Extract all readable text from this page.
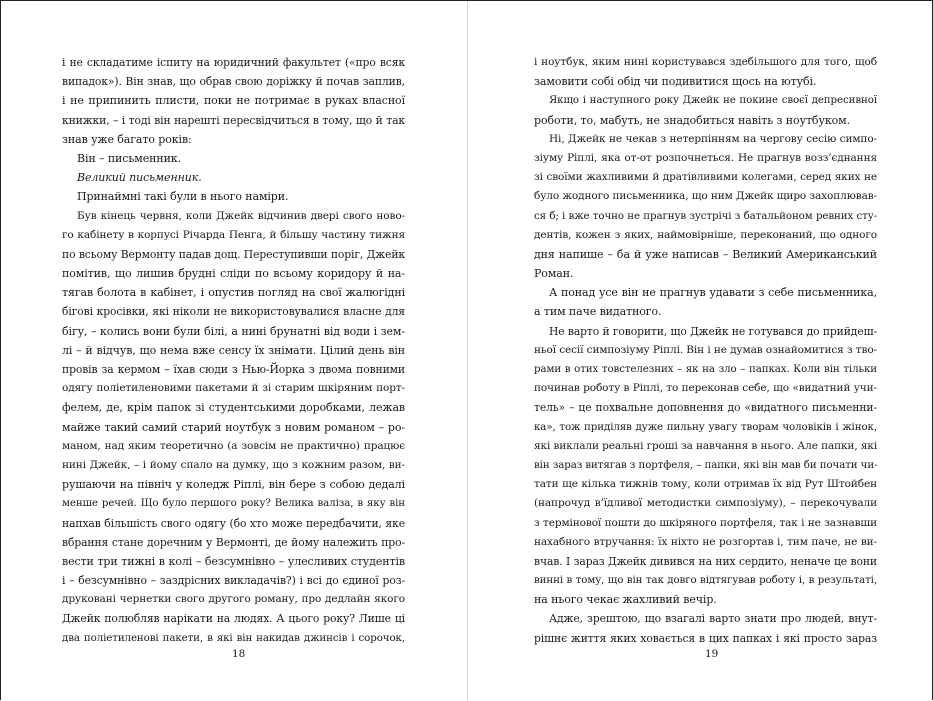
і не складатиме іспиту на юридичний факультет («про всяк
випадок»). Він знав, що обрав свою доріжку й почав заплив,
і не припинить плисти, поки не потримає в руках власної
книжки, – і тоді він нарешті пересвідчиться в тому, що й так
знав уже багато років:
Він – письменник.
Великий письменник.
Принаймні такі були в нього наміри.
Був кінець червня, коли Джейк відчинив двері свого ново-
го кабінету в корпусі Річарда Пенга, й більшу частину тижня
по всьому Вермонту падав дощ. Переступивши поріг, Джейк
помітив, що лишив брудні сліди по всьому коридору й на-
тягав болота в кабінет, і опустив погляд на свої жалюгідні
бігові кросівки, які ніколи не використовувалися власне для
бігу, – колись вони були білі, а нині брунатні від води і зем-
лі – й відчув, що нема вже сенсу їх знімати. Цілий день він
провів за кермом – їхав сюди з Нью-Йорка з двома повними
одягу поліетиленовими пакетами й зі старим шкіряним порт-
фелем, де, крім папок зі студентськими доробками, лежав
майже такий самий старий ноутбук з новим романом – ро-
маном, над яким теоретично (а зовсім не практично) працює
нині Джейк, – і йому спало на думку, що з кожним разом, ви-
рушаючи на північ у коледж Ріплі, він бере з собою дедалі
менше речей. Що було першого року? Велика валіза, в яку він
напхав більшість свого одягу (бо хто може передбачити, яке
вбрання стане доречним у Вермонті, де йому належить про-
вести три тижні в колі – безсумнівно – улесливих студентів
і – безсумнівно – заздрісних викладачів?) і всі до єдиної роз-
друковані чернетки свого другого роману, про дедлайн якого
Джейк полюбляв нарікати на людях. А цього року? Лише ці
два поліетиленові пакети, в які він накидав джинсів і сорочок,
18
і ноутбук, яким нині користувався здебільшого для того, щоб
замовити собі обід чи подивитися щось на ютубі.
Якщо і наступного року Джейк не покине своєї депресивної
роботи, то, мабуть, не знадобиться навіть з ноутбуком.
Ні, Джейк не чекав з нетерпінням на чергову сесію симпо-
зіуму Ріплі, яка от-от розпочнеться. Не прагнув возз’єднання
зі своїми жахливими й дратівливими колегами, серед яких не
було жодного письменника, що ним Джейк щиро захоплював-
ся б; і вже точно не прагнув зустрічі з батальйоном ревних сту-
дентів, кожен з яких, наймовірніше, переконаний, що одного
дня напише – ба й уже написав – Великий Американський
Роман.
А понад усе він не прагнув удавати з себе письменника,
а тим паче видатного.
Не варто й говорити, що Джейк не готувався до прийдеш-
ньої сесії симпозіуму Ріплі. Він і не думав ознайомитися з тво-
рами в отих товстелезних – як на зло – папках. Коли він тільки
починав роботу в Ріплі, то переконав себе, що «видатний учи-
тель» – це похвальне доповнення до «видатного письменни-
ка», тож приділяв дуже пильну увагу творам чоловіків і жінок,
які виклали реальні гроші за навчання в нього. Але папки, які
він зараз витягав з портфеля, – папки, які він мав би почати чи-
тати ще кілька тижнів тому, коли отримав їх від Рут Штойбен
(напрочуд в’їдливої методистки симпозіуму), – перекочували
з термінової пошти до шкіряного портфеля, так і не зазнавши
нахабного втручання: їх ніхто не розгортав і, тим паче, не ви-
вчав. І зараз Джейк дивився на них сердито, неначе це вони
винні в тому, що він так довго відтягував роботу і, в результаті,
на нього чекає жахливий вечір.
Адже, зрештою, що взагалі варто знати про людей, внут-
рішнє життя яких ховається в цих папках і які просто зараз
19
